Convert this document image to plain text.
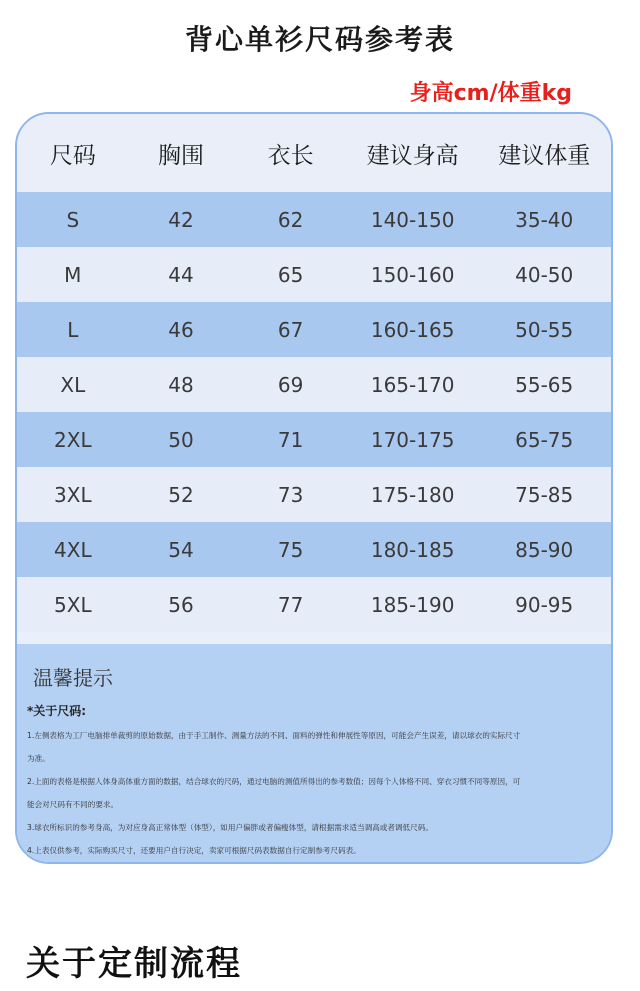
背心单衫尺码参考表
身高cm/体重kg
尺码	胸围	衣长	建议身高	建议体重
S	42	62	140-150	35-40
M	44	65	150-160	40-50
L	46	67	160-165	50-55
XL	48	69	165-170	55-65
2XL	50	71	170-175	65-75
3XL	52	73	175-180	75-85
4XL	54	75	180-185	85-90
5XL	56	77	185-190	90-95
温馨提示
*关于尺码:
1.左侧表格为工厂电脑排单裁剪的原始数据，由于手工制作、测量方法的不同、面料的弹性和伸展性等原因，可能会产生误差，请以球衣的实际尺寸
为准。
2.上面的表格是根据人体身高体重方面的数据，结合球衣的尺码，通过电脑的测值所得出的参考数值；因每个人体格不同、穿衣习惯不同等原因，可
能会对尺码有不同的要求。
3.球衣所标识的参考身高，为对应身高正常体型（体型），如用户偏胖或者偏瘦体型，请根据需求适当调高或者调低尺码。
4.上表仅供参考，实际购买尺寸，还要用户自行决定，卖家可根据尺码表数据自行定制参考尺码表。
关于定制流程
